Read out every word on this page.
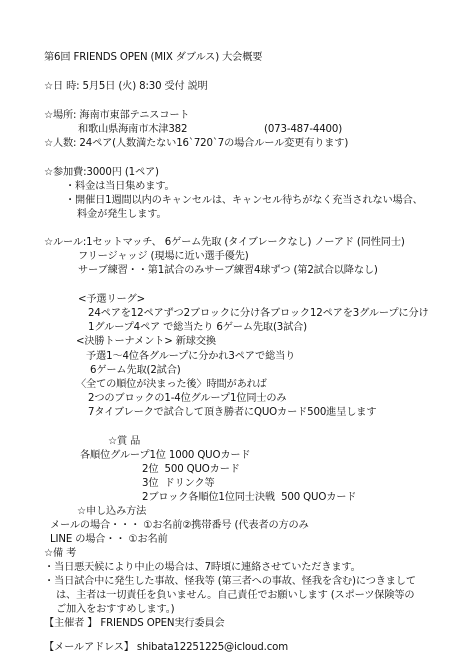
第6回 FRIENDS OPEN (MIX ダブルス) 大会概要
☆日 時: 5月5日 (火) 8:30 受付 説明
☆場所: 海南市東部テニスコート
和歌山県海南市木津382	(073-487-4400)
☆人数: 24ペア(人数満たない16ˋ720ˋ7の場合ルール変更有ります)
☆参加費:3000円 (1ペア)
・料金は当日集めます。
・開催日1週間以内のキャンセルは、キャンセル待ちがなく充当されない場合、
料金が発生します。
☆ルール:1セットマッチ、 6ゲーム先取 (タイブレークなし) ノーアド (同性同士)
フリージャッジ (現場に近い選手優先)
サーブ練習・・第1試合のみサーブ練習4球ずつ (第2試合以降なし)
<予選リーグ>
24ペアを12ペアずつ2ブロックに分け各ブロック12ペアを3グループに分け
1グループ4ペア で総当たり 6ゲーム先取(3試合)
<決勝トーナメント> 新球交換
予選1〜4位各グループに分かれ3ペアで総当り
6ゲーム先取(2試合)
〈全ての順位が決まった後〉時間があれば
2つのブロックの1-4位グループ1位同士のみ
7タイブレークで試合して頂き勝者にQUOカード500進呈します
☆賞 品
各順位グループ1位 1000 QUOカード
2位  500 QUOカード
3位  ドリンク等
2ブロック各順位1位同士決戦  500 QUOカード
☆申し込み方法
メールの場合・・・ ①お名前②携帯番号 (代表者の方のみ
LINE の場合・・ ①お名前
☆備 考
・当日悪天候により中止の場合は、7時頃に連絡させていただきます。
・当日試合中に発生した事故、怪我等 (第三者への事故、怪我を含む)につきまして
は、主者は一切責任を負いません。自己責任でお願いします (スポーツ保険等の
ご加入をおすすめします。)
【主催者 】 FRIENDS OPEN実行委員会
【メールアドレス】 shibata12251225@icloud.com
